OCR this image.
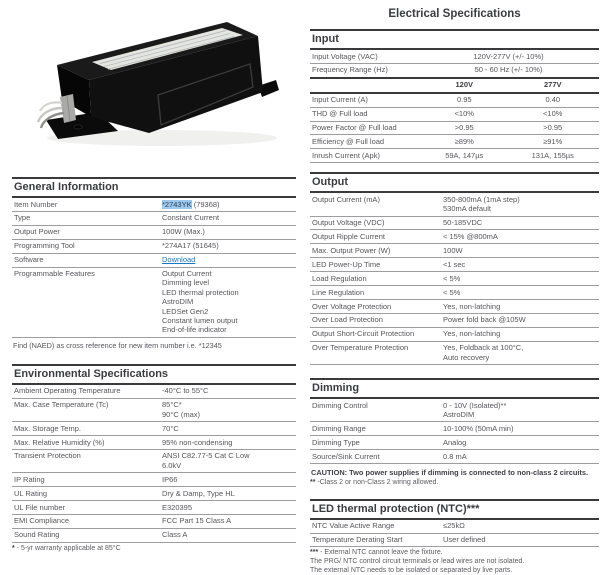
General Information
Item Number	*2743YK (79368)
Type	Constant Current
Output Power	100W (Max.)
Programming Tool	*274A17 (51645)
Software	Download
Programmable Features	Output Current
Dimming level
LED thermal protection
AstroDIM
LEDSet Gen2
Constant lumen output
End-of-life indicator
Find (NAED) as cross reference for new item number i.e. *12345
Environmental Specifications
Ambient Operating Temperature	-40°C to 55°C
Max. Case Temperature (Tc)	85°C*
90°C (max)
Max. Storage Temp.	70°C
Max. Relative Humidity (%)	95% non-condensing
Transient Protection	ANSI C82.77-5 Cat C Low
6.0kV
IP Rating	IP66
UL Rating	Dry & Damp, Type HL
UL File number	E320395
EMI Compliance	FCC Part 15 Class A
Sound Rating	Class A
* - 5-yr warranty applicable at 85°C
Electrical Specifications
Input
Input Voltage (VAC)	120V-277V (+/- 10%)
Frequency Range (Hz)	50 - 60 Hz (+/- 10%)
120V	277V
Input Current (A)	0.95	0.40
THD @ Full load	<10%	<10%
Power Factor @ Full load	>0.95	>0.95
Efficiency @ Full load	≥89%	≥91%
Inrush Current (Apk)	59A, 147µs	131A, 155µs
Output
Output Current (mA)	350-800mA (1mA step)
530mA default
Output Voltage (VDC)	50-185VDC
Output Ripple Current	< 15% @800mA
Max. Output Power (W)	100W
LED Power-Up Time	<1 sec
Load Regulation	< 5%
Line Regulation	< 5%
Over Voltage Protection	Yes, non-latching
Over Load Protection	Power fold back @105W
Output Short-Circuit Protection	Yes, non-latching
Over Temperature Protection	Yes, Foldback at 100°C,
Auto recovery
Dimming
Dimming Control	0 - 10V (Isolated)**
AstroDIM
Dimming Range	10-100% (50mA min)
Dimming Type	Analog
Source/Sink Current	0.8 mA
CAUTION: Two power supplies if dimming is connected to non-class 2 circuits.
** -Class 2 or non-Class 2 wiring allowed.
LED thermal protection (NTC)***
NTC Value Active Range	≤25kΩ
Temperature Derating Start	User defined
*** - External NTC cannot leave the fixture.
The PRG/ NTC control circuit terminals or lead wires are not isolated.
The external NTC needs to be isolated or separated by live parts.
